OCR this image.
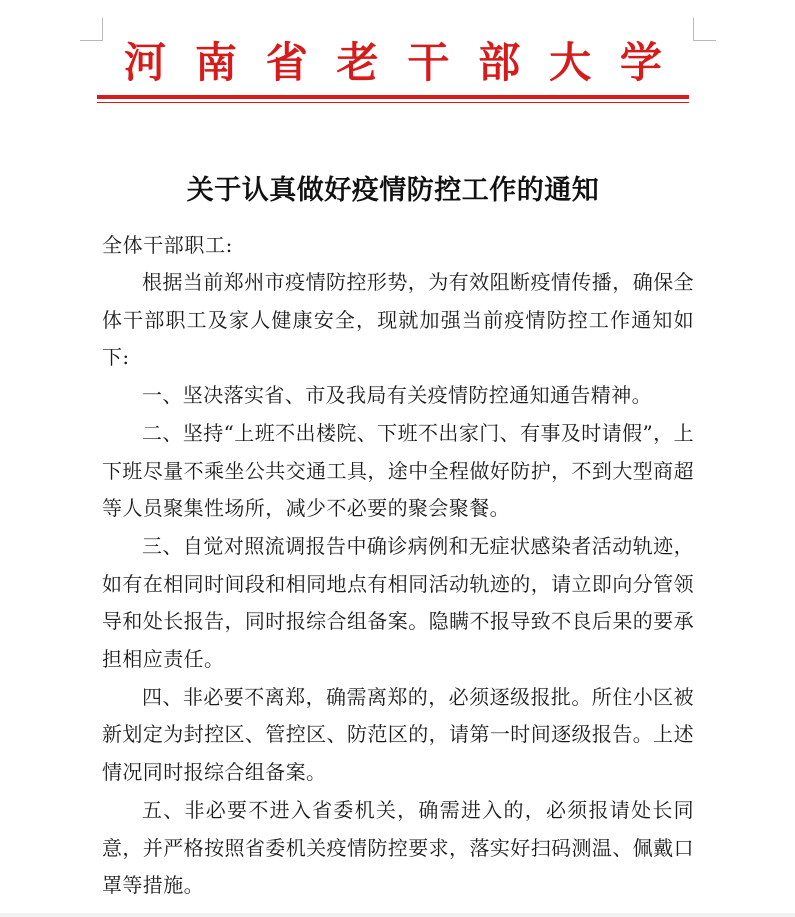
河 南 省 老 干 部 大 学
关于认真做好疫情防控工作的通知

全体干部职工:

根据当前郑州市疫情防控形势，为有效阻断疫情传播，确保全体干部职工及家人健康安全，现就加强当前疫情防控工作通知如下:

一、坚决落实省、市及我局有关疫情防控通知通告精神。

二、坚持“上班不出楼院、下班不出家门、有事及时请假”，上下班尽量不乘坐公共交通工具，途中全程做好防护，不到大型商超等人员聚集性场所，减少不必要的聚会聚餐。

三、自觉对照流调报告中确诊病例和无症状感染者活动轨迹，如有在相同时间段和相同地点有相同活动轨迹的，请立即向分管领导和处长报告，同时报综合组备案。隐瞒不报导致不良后果的要承担相应责任。

四、非必要不离郑，确需离郑的，必须逐级报批。所住小区被新划定为封控区、管控区、防范区的，请第一时间逐级报告。上述情况同时报综合组备案。

五、非必要不进入省委机关，确需进入的，必须报请处长同意，并严格按照省委机关疫情防控要求，落实好扫码测温、佩戴口罩等措施。
